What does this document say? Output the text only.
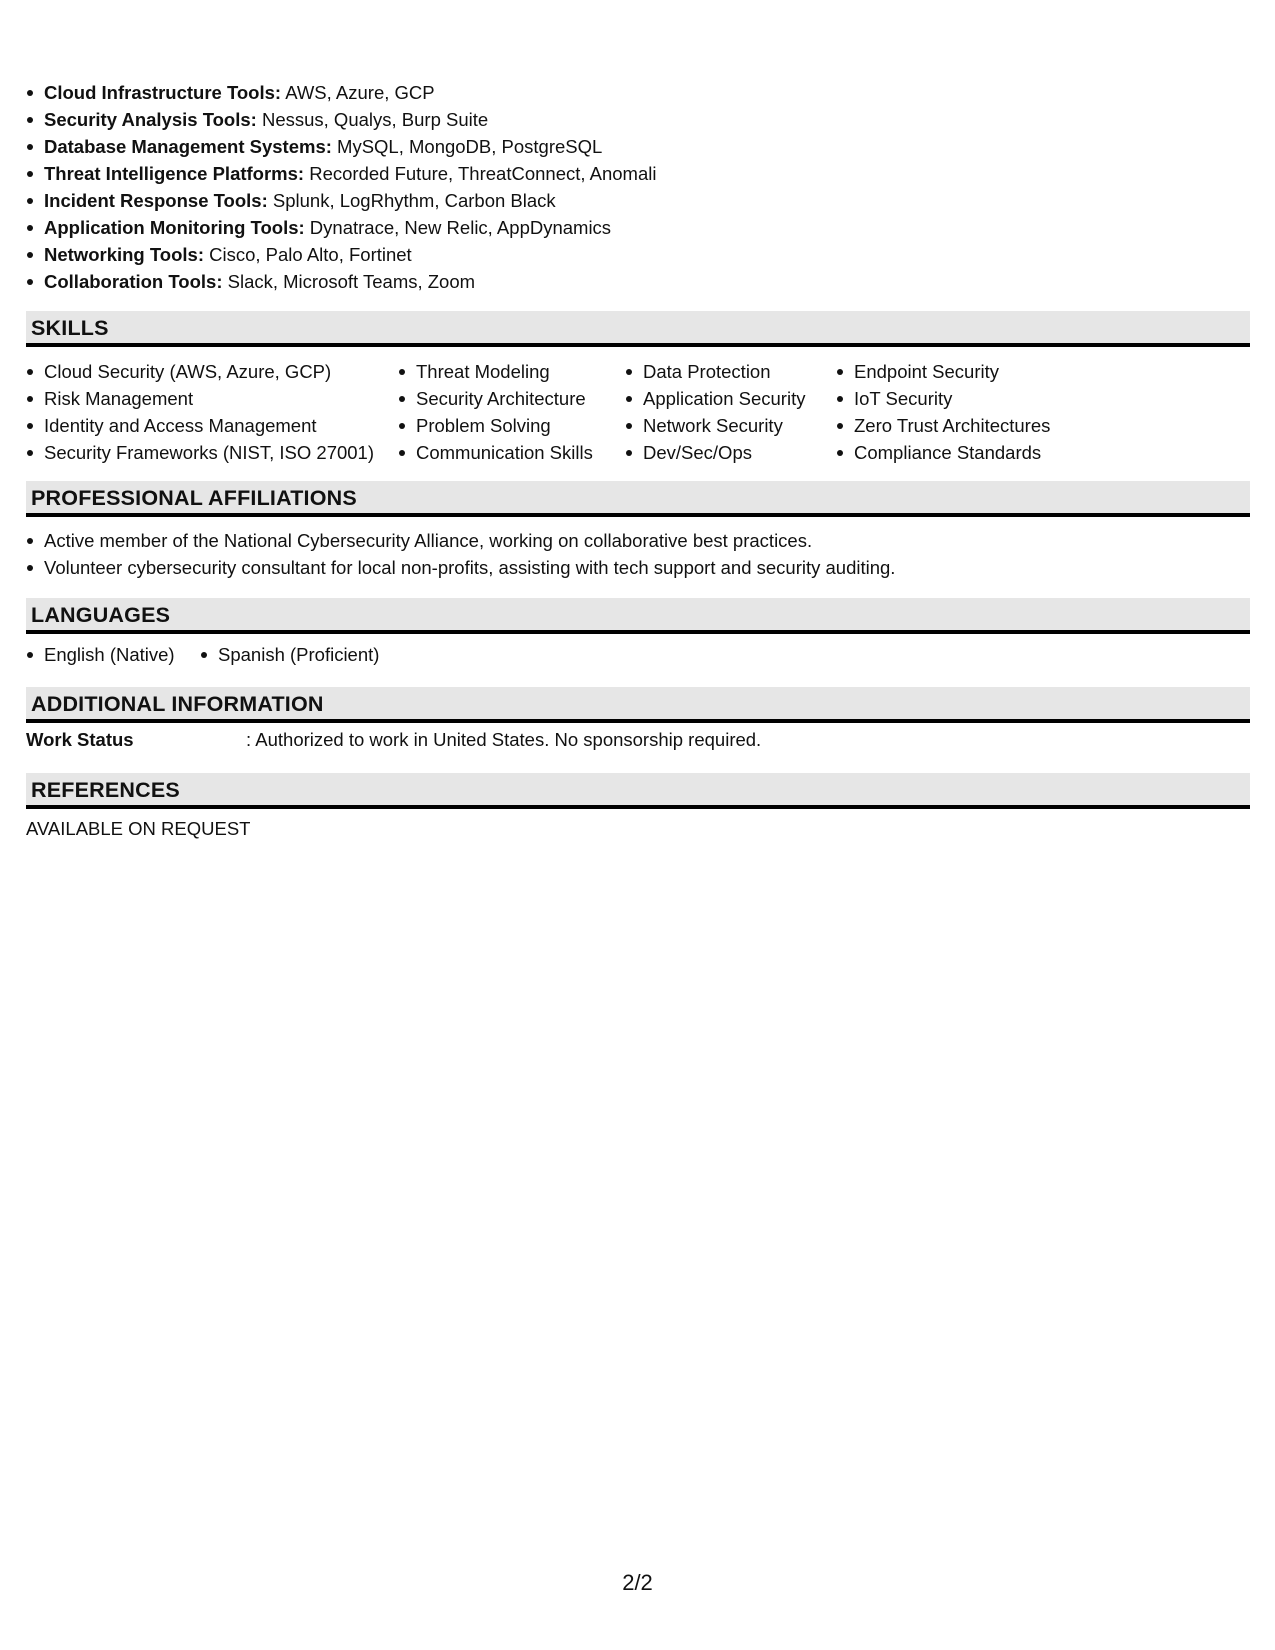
Cloud Infrastructure Tools: AWS, Azure, GCP
Security Analysis Tools: Nessus, Qualys, Burp Suite
Database Management Systems: MySQL, MongoDB, PostgreSQL
Threat Intelligence Platforms: Recorded Future, ThreatConnect, Anomali
Incident Response Tools: Splunk, LogRhythm, Carbon Black
Application Monitoring Tools: Dynatrace, New Relic, AppDynamics
Networking Tools: Cisco, Palo Alto, Fortinet
Collaboration Tools: Slack, Microsoft Teams, Zoom
SKILLS
Cloud Security (AWS, Azure, GCP)
Risk Management
Identity and Access Management
Security Frameworks (NIST, ISO 27001)
Threat Modeling
Security Architecture
Problem Solving
Communication Skills
Data Protection
Application Security
Network Security
Dev/Sec/Ops
Endpoint Security
IoT Security
Zero Trust Architectures
Compliance Standards
PROFESSIONAL AFFILIATIONS
Active member of the National Cybersecurity Alliance, working on collaborative best practices.
Volunteer cybersecurity consultant for local non-profits, assisting with tech support and security auditing.
LANGUAGES
English (Native)	Spanish (Proficient)
ADDITIONAL INFORMATION
Work Status	: Authorized to work in United States. No sponsorship required.
REFERENCES
AVAILABLE ON REQUEST
2/2
